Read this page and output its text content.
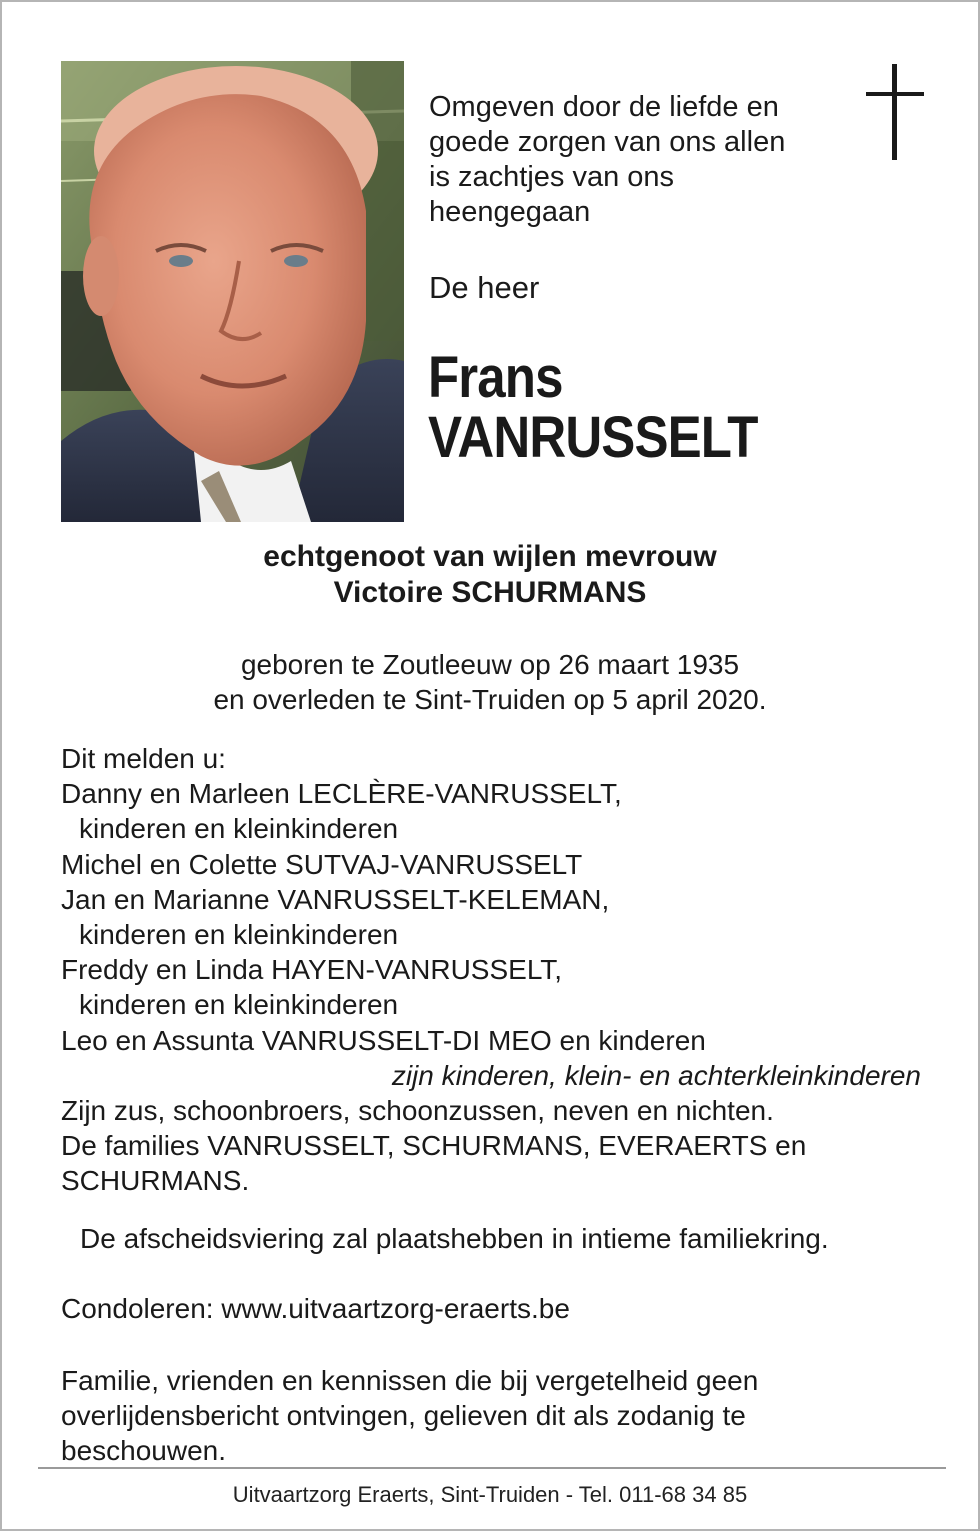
Omgeven door de liefde en
goede zorgen van ons allen
is zachtjes van ons
heengegaan
De heer
Frans
VANRUSSELT
echtgenoot van wijlen mevrouw
Victoire SCHURMANS
geboren te Zoutleeuw op 26 maart 1935
en overleden te Sint-Truiden op 5 april 2020.
Dit melden u:
Danny en Marleen LECLÈRE-VANRUSSELT,
kinderen en kleinkinderen
Michel en Colette SUTVAJ-VANRUSSELT
Jan en Marianne VANRUSSELT-KELEMAN,
kinderen en kleinkinderen
Freddy en Linda HAYEN-VANRUSSELT,
kinderen en kleinkinderen
Leo en Assunta VANRUSSELT-DI MEO en kinderen
zijn kinderen, klein- en achterkleinkinderen
Zijn zus, schoonbroers, schoonzussen, neven en nichten.
De families VANRUSSELT, SCHURMANS, EVERAERTS en SCHURMANS.
De afscheidsviering zal plaatshebben in intieme familiekring.
Condoleren: www.uitvaartzorg-eraerts.be
Familie, vrienden en kennissen die bij vergetelheid geen overlijdensbericht ontvingen, gelieven dit als zodanig te beschouwen.
Uitvaartzorg Eraerts, Sint-Truiden - Tel. 011-68 34 85
